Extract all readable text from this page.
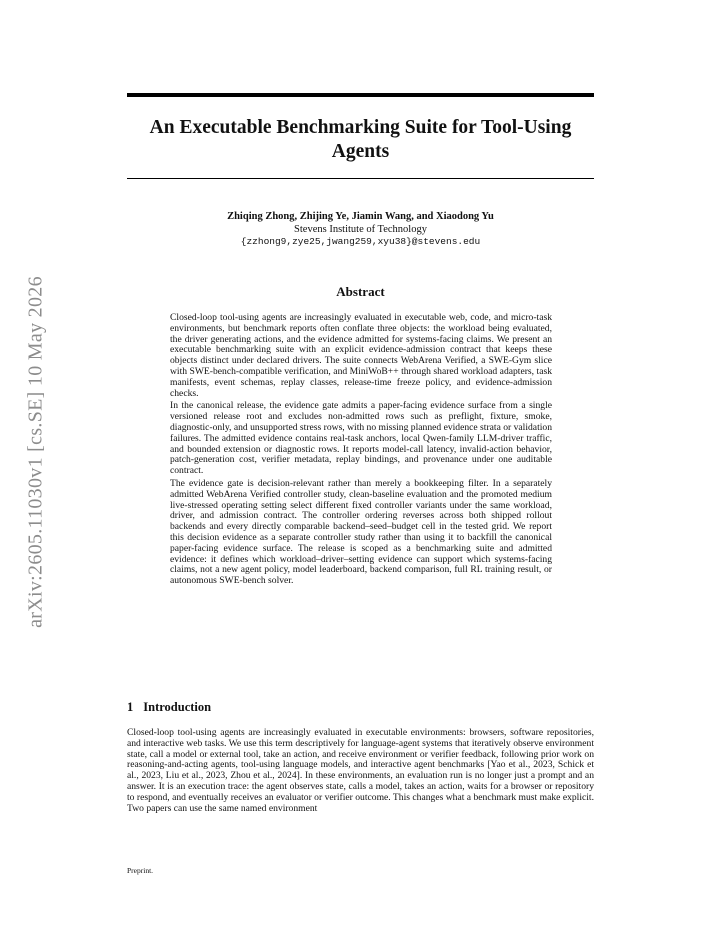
arXiv:2605.11030v1 [cs.SE] 10 May 2026
An Executable Benchmarking Suite for Tool-Using Agents
Zhiqing Zhong, Zhijing Ye, Jiamin Wang, and Xiaodong Yu
Stevens Institute of Technology
{zzhong9,zye25,jwang259,xyu38}@stevens.edu
Abstract

Closed-loop tool-using agents are increasingly evaluated in executable web, code, and micro-task environments, but benchmark reports often conflate three objects: the workload being evaluated, the driver generating actions, and the evidence admitted for systems-facing claims. We present an executable benchmarking suite with an explicit evidence-admission contract that keeps these objects distinct under declared drivers. The suite connects WebArena Verified, a SWE-Gym slice with SWE-bench-compatible verification, and MiniWoB++ through shared workload adapters, task manifests, event schemas, replay classes, release-time freeze policy, and evidence-admission checks.

In the canonical release, the evidence gate admits a paper-facing evidence surface from a single versioned release root and excludes non-admitted rows such as preflight, fixture, smoke, diagnostic-only, and unsupported stress rows, with no missing planned evidence strata or validation failures. The admitted evidence contains real-task anchors, local Qwen-family LLM-driver traffic, and bounded extension or diagnostic rows. It reports model-call latency, invalid-action behavior, patch-generation cost, verifier metadata, replay bindings, and provenance under one auditable contract.

The evidence gate is decision-relevant rather than merely a bookkeeping filter. In a separately admitted WebArena Verified controller study, clean-baseline evaluation and the promoted medium live-stressed operating setting select different fixed controller variants under the same workload, driver, and admission contract. The controller ordering reverses across both shipped rollout backends and every directly comparable backend–seed–budget cell in the tested grid. We report this decision evidence as a separate controller study rather than using it to backfill the canonical paper-facing evidence surface. The release is scoped as a benchmarking suite and admitted evidence: it defines which workload–driver–setting evidence can support which systems-facing claims, not a new agent policy, model leaderboard, backend comparison, full RL training result, or autonomous SWE-bench solver.

1 Introduction

Closed-loop tool-using agents are increasingly evaluated in executable environments: browsers, software repositories, and interactive web tasks. We use this term descriptively for language-agent systems that iteratively observe environment state, call a model or external tool, take an action, and receive environment or verifier feedback, following prior work on reasoning-and-acting agents, tool-using language models, and interactive agent benchmarks [Yao et al., 2023, Schick et al., 2023, Liu et al., 2023, Zhou et al., 2024]. In these environments, an evaluation run is no longer just a prompt and an answer. It is an execution trace: the agent observes state, calls a model, takes an action, waits for a browser or repository to respond, and eventually receives an evaluator or verifier outcome. This changes what a benchmark must make explicit. Two papers can use the same named environment

Preprint.
